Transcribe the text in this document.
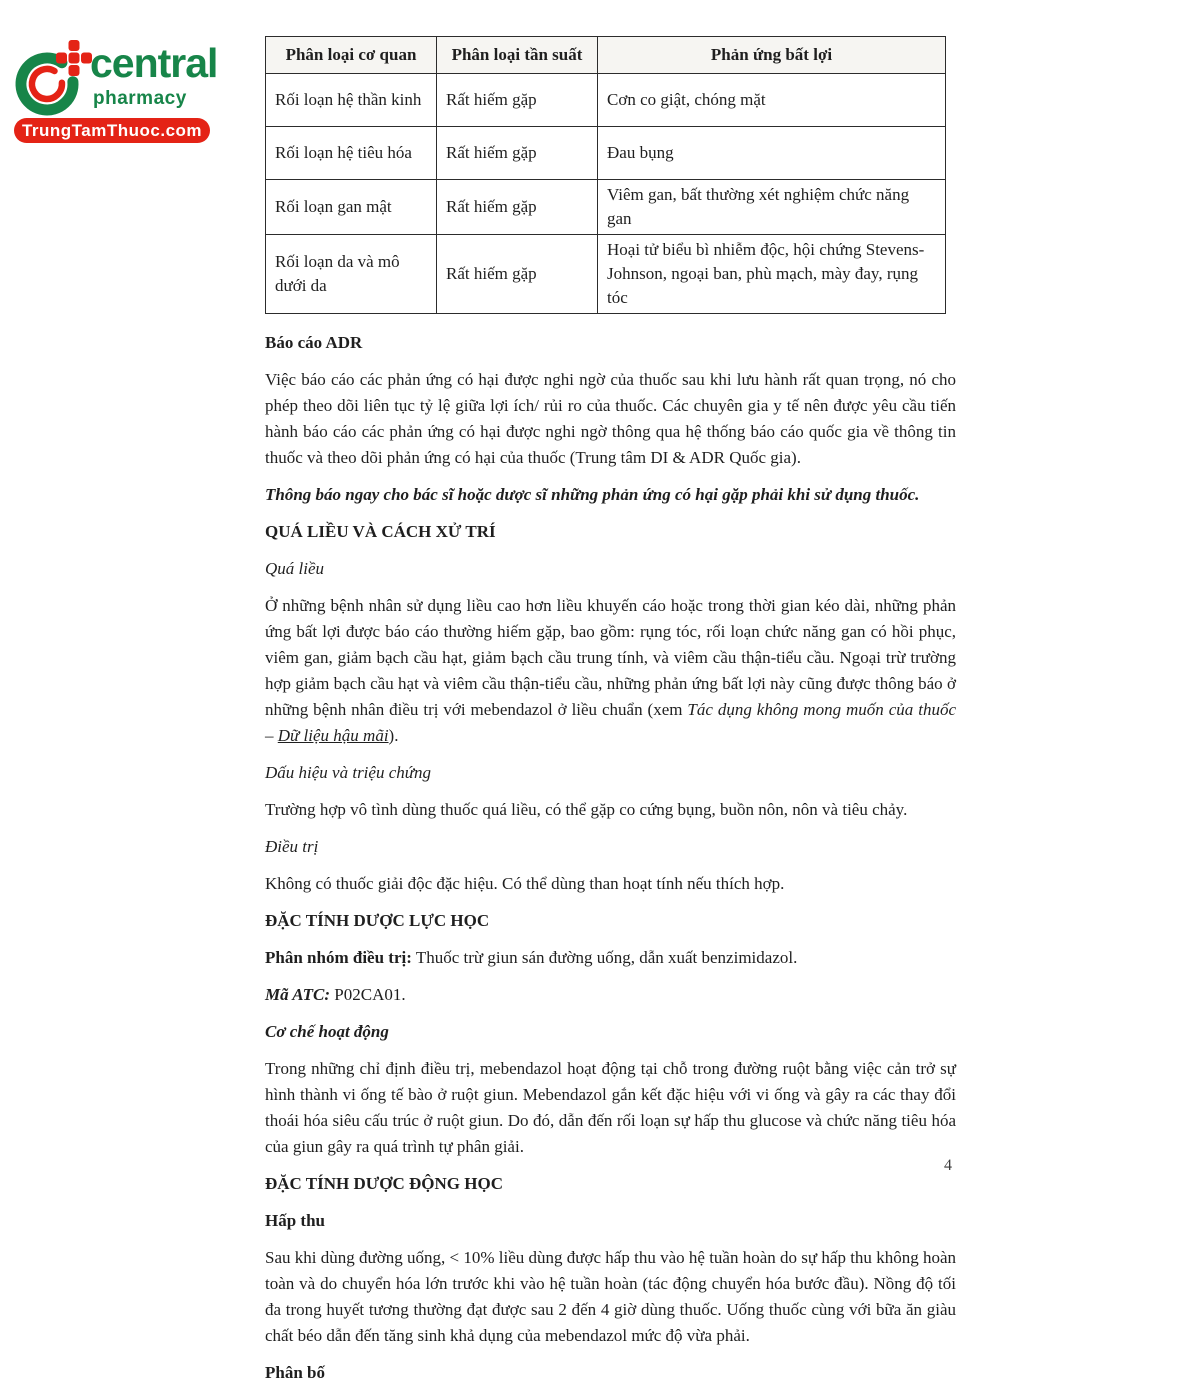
central
pharmacy
TrungTamThuoc.com
Phân loại cơ quan	Phân loại tần suất	Phản ứng bất lợi
Rối loạn hệ thần kinh	Rất hiếm gặp	Cơn co giật, chóng mặt
Rối loạn hệ tiêu hóa	Rất hiếm gặp	Đau bụng
Rối loạn gan mật	Rất hiếm gặp	Viêm gan, bất thường xét nghiệm chức năng gan
Rối loạn da và mô dưới da	Rất hiếm gặp	Hoại tử biểu bì nhiễm độc, hội chứng Stevens-Johnson, ngoại ban, phù mạch, mày đay, rụng tóc
Báo cáo ADR

Việc báo cáo các phản ứng có hại được nghi ngờ của thuốc sau khi lưu hành rất quan trọng, nó cho phép theo dõi liên tục tỷ lệ giữa lợi ích/ rủi ro của thuốc. Các chuyên gia y tế nên được yêu cầu tiến hành báo cáo các phản ứng có hại được nghi ngờ thông qua hệ thống báo cáo quốc gia về thông tin thuốc và theo dõi phản ứng có hại của thuốc (Trung tâm DI & ADR Quốc gia).

Thông báo ngay cho bác sĩ hoặc dược sĩ những phản ứng có hại gặp phải khi sử dụng thuốc.
QUÁ LIỀU VÀ CÁCH XỬ TRÍ
Quá liều

Ở những bệnh nhân sử dụng liều cao hơn liều khuyến cáo hoặc trong thời gian kéo dài, những phản ứng bất lợi được báo cáo thường hiếm gặp, bao gồm: rụng tóc, rối loạn chức năng gan có hồi phục, viêm gan, giảm bạch cầu hạt, giảm bạch cầu trung tính, và viêm cầu thận-tiểu cầu. Ngoại trừ trường hợp giảm bạch cầu hạt và viêm cầu thận-tiểu cầu, những phản ứng bất lợi này cũng được thông báo ở những bệnh nhân điều trị với mebendazol ở liều chuẩn (xem Tác dụng không mong muốn của thuốc – Dữ liệu hậu mãi).

Dấu hiệu và triệu chứng

Trường hợp vô tình dùng thuốc quá liều, có thể gặp co cứng bụng, buồn nôn, nôn và tiêu chảy.

Điều trị

Không có thuốc giải độc đặc hiệu. Có thể dùng than hoạt tính nếu thích hợp.

ĐẶC TÍNH DƯỢC LỰC HỌC

Phân nhóm điều trị: Thuốc trừ giun sán đường uống, dẫn xuất benzimidazol.

Mã ATC: P02CA01.

Cơ chế hoạt động

Trong những chỉ định điều trị, mebendazol hoạt động tại chỗ trong đường ruột bằng việc cản trở sự hình thành vi ống tế bào ở ruột giun. Mebendazol gắn kết đặc hiệu với vi ống và gây ra các thay đổi thoái hóa siêu cấu trúc ở ruột giun. Do đó, dẫn đến rối loạn sự hấp thu glucose và chức năng tiêu hóa của giun gây ra quá trình tự phân giải.

ĐẶC TÍNH DƯỢC ĐỘNG HỌC
Hấp thu

Sau khi dùng đường uống, < 10% liều dùng được hấp thu vào hệ tuần hoàn do sự hấp thu không hoàn toàn và do chuyển hóa lớn trước khi vào hệ tuần hoàn (tác động chuyển hóa bước đầu). Nồng độ tối đa trong huyết tương thường đạt được sau 2 đến 4 giờ dùng thuốc. Uống thuốc cùng với bữa ăn giàu chất béo dẫn đến tăng sinh khả dụng của mebendazol mức độ vừa phải.

Phân bố
4
